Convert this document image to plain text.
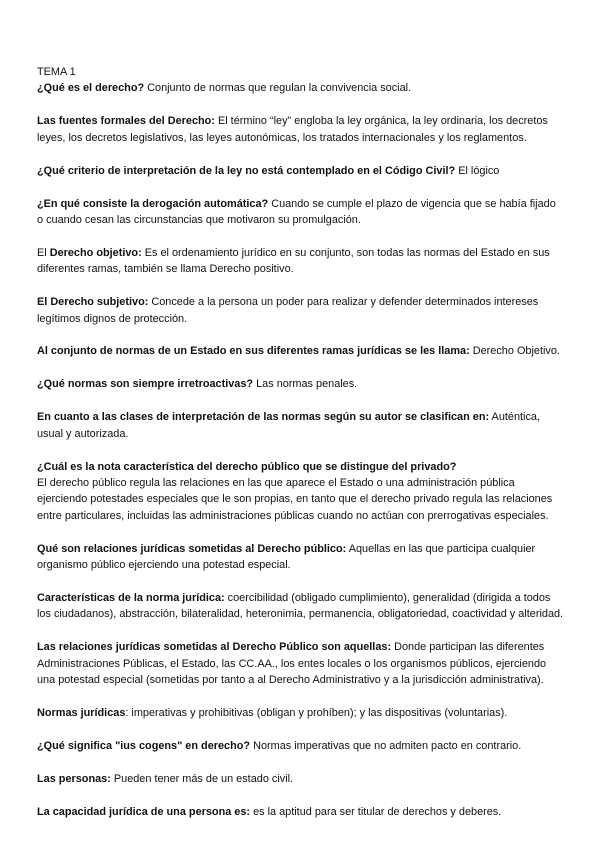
TEMA 1

¿Qué es el derecho? Conjunto de normas que regulan la convivencia social.

Las fuentes formales del Derecho: El término “ley” engloba la ley orgánica, la ley ordinaria, los decretos leyes, los decretos legislativos, las leyes autonómicas, los tratados internacionales y los reglamentos.

¿Qué criterio de interpretación de la ley no está contemplado en el Código Civil? El lógico

¿En qué consiste la derogación automática? Cuando se cumple el plazo de vigencia que se había fijado o cuando cesan las circunstancias que motivaron su promulgación.

El Derecho objetivo: Es el ordenamiento jurídico en su conjunto, son todas las normas del Estado en sus diferentes ramas, también se llama Derecho positivo.

El Derecho subjetivo: Concede a la persona un poder para realizar y defender determinados intereses legítimos dignos de protección.

Al conjunto de normas de un Estado en sus diferentes ramas jurídicas se les llama: Derecho Objetivo.

¿Qué normas son siempre irretroactivas? Las normas penales.

En cuanto a las clases de interpretación de las normas según su autor se clasifican en: Auténtica, usual y autorizada.

¿Cuál es la nota característica del derecho público que se distingue del privado?
El derecho público regula las relaciones en las que aparece el Estado o una administración pública ejerciendo potestades especiales que le son propias, en tanto que el derecho privado regula las relaciones entre particulares, incluidas las administraciones públicas cuando no actúan con prerrogativas especiales.

Qué son relaciones jurídicas sometidas al Derecho público: Aquellas en las que participa cualquier organismo público ejerciendo una potestad especial.

Características de la norma jurídica: coercibilidad (obligado cumplimiento), generalidad (dirigida a todos los ciudadanos), abstracción, bilateralidad, heteronimia, permanencia, obligatoriedad, coactividad y alteridad.

Las relaciones jurídicas sometidas al Derecho Público son aquellas: Donde participan las diferentes Administraciones Públicas, el Estado, las CC.AA., los entes locales o los organismos públicos, ejerciendo una potestad especial (sometidas por tanto a al Derecho Administrativo y a la jurisdicción administrativa).

Normas jurídicas: imperativas y prohibitivas (obligan y prohíben); y las dispositivas (voluntarias).

¿Qué significa "ius cogens" en derecho? Normas imperativas que no admiten pacto en contrario.

Las personas: Pueden tener más de un estado civil.

La capacidad jurídica de una persona es: es la aptitud para ser titular de derechos y deberes.
